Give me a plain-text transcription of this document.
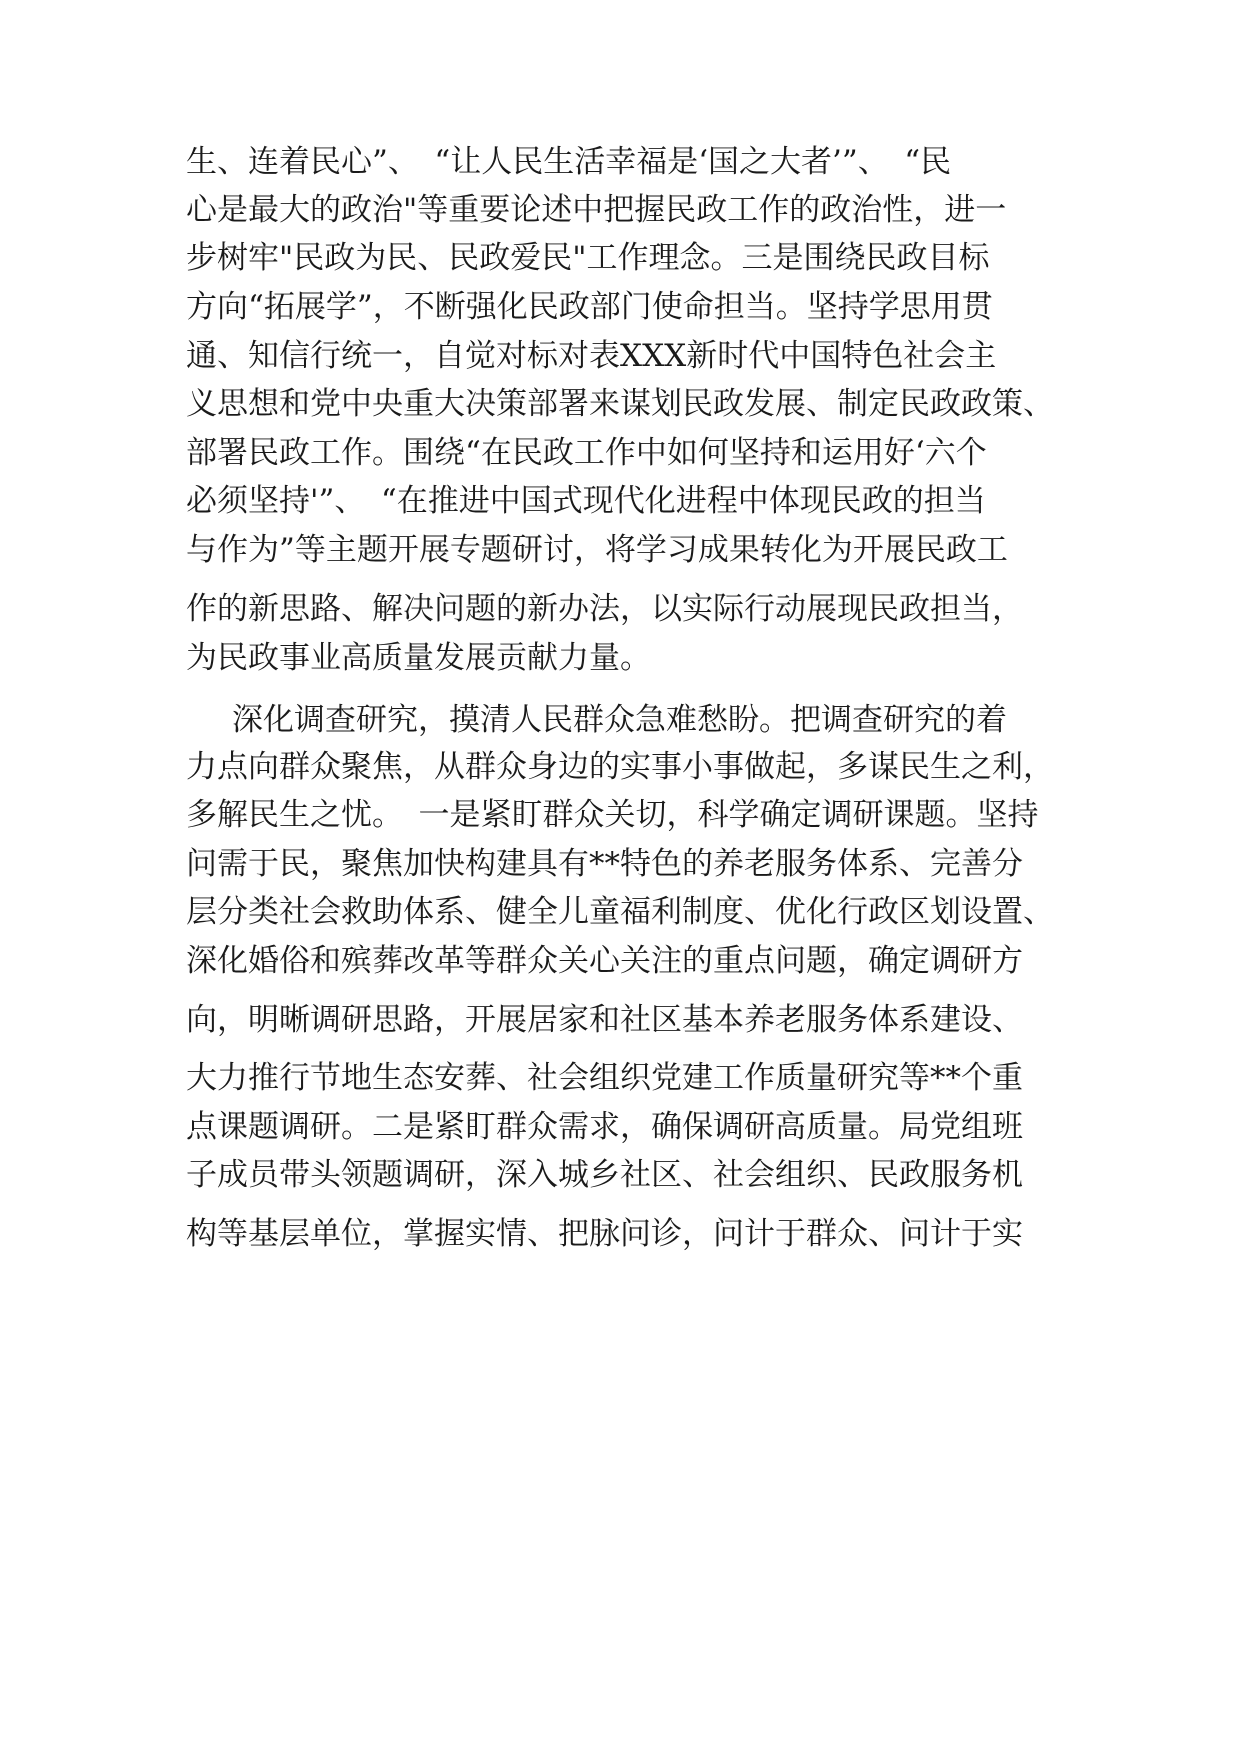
生、连着民心”、　“让人民生活幸福是‘国之大者’”、　“民
心是最大的政治"等重要论述中把握民政工作的政治性，进一
步树牢"民政为民、民政爱民"工作理念。三是围绕民政目标
方向“拓展学”，不断强化民政部门使命担当。坚持学思用贯
通、知信行统一，自觉对标对表XXX新时代中国特色社会主
义思想和党中央重大决策部署来谋划民政发展、制定民政政策、
部署民政工作。围绕“在民政工作中如何坚持和运用好‘六个
必须坚持'”、　“在推进中国式现代化进程中体现民政的担当
与作为”等主题开展专题研讨，将学习成果转化为开展民政工
作的新思路、解决问题的新办法，以实际行动展现民政担当，
为民政事业高质量发展贡献力量。
深化调查研究，摸清人民群众急难愁盼。把调查研究的着
力点向群众聚焦，从群众身边的实事小事做起，多谋民生之利，
多解民生之忧。　一是紧盯群众关切，科学确定调研课题。坚持
问需于民，聚焦加快构建具有**特色的养老服务体系、完善分
层分类社会救助体系、健全儿童福利制度、优化行政区划设置、
深化婚俗和殡葬改革等群众关心关注的重点问题，确定调研方
向，明晰调研思路，开展居家和社区基本养老服务体系建设、
大力推行节地生态安葬、社会组织党建工作质量研究等**个重
点课题调研。二是紧盯群众需求，确保调研高质量。局党组班
子成员带头领题调研，深入城乡社区、社会组织、民政服务机
构等基层单位，掌握实情、把脉问诊，问计于群众、问计于实
